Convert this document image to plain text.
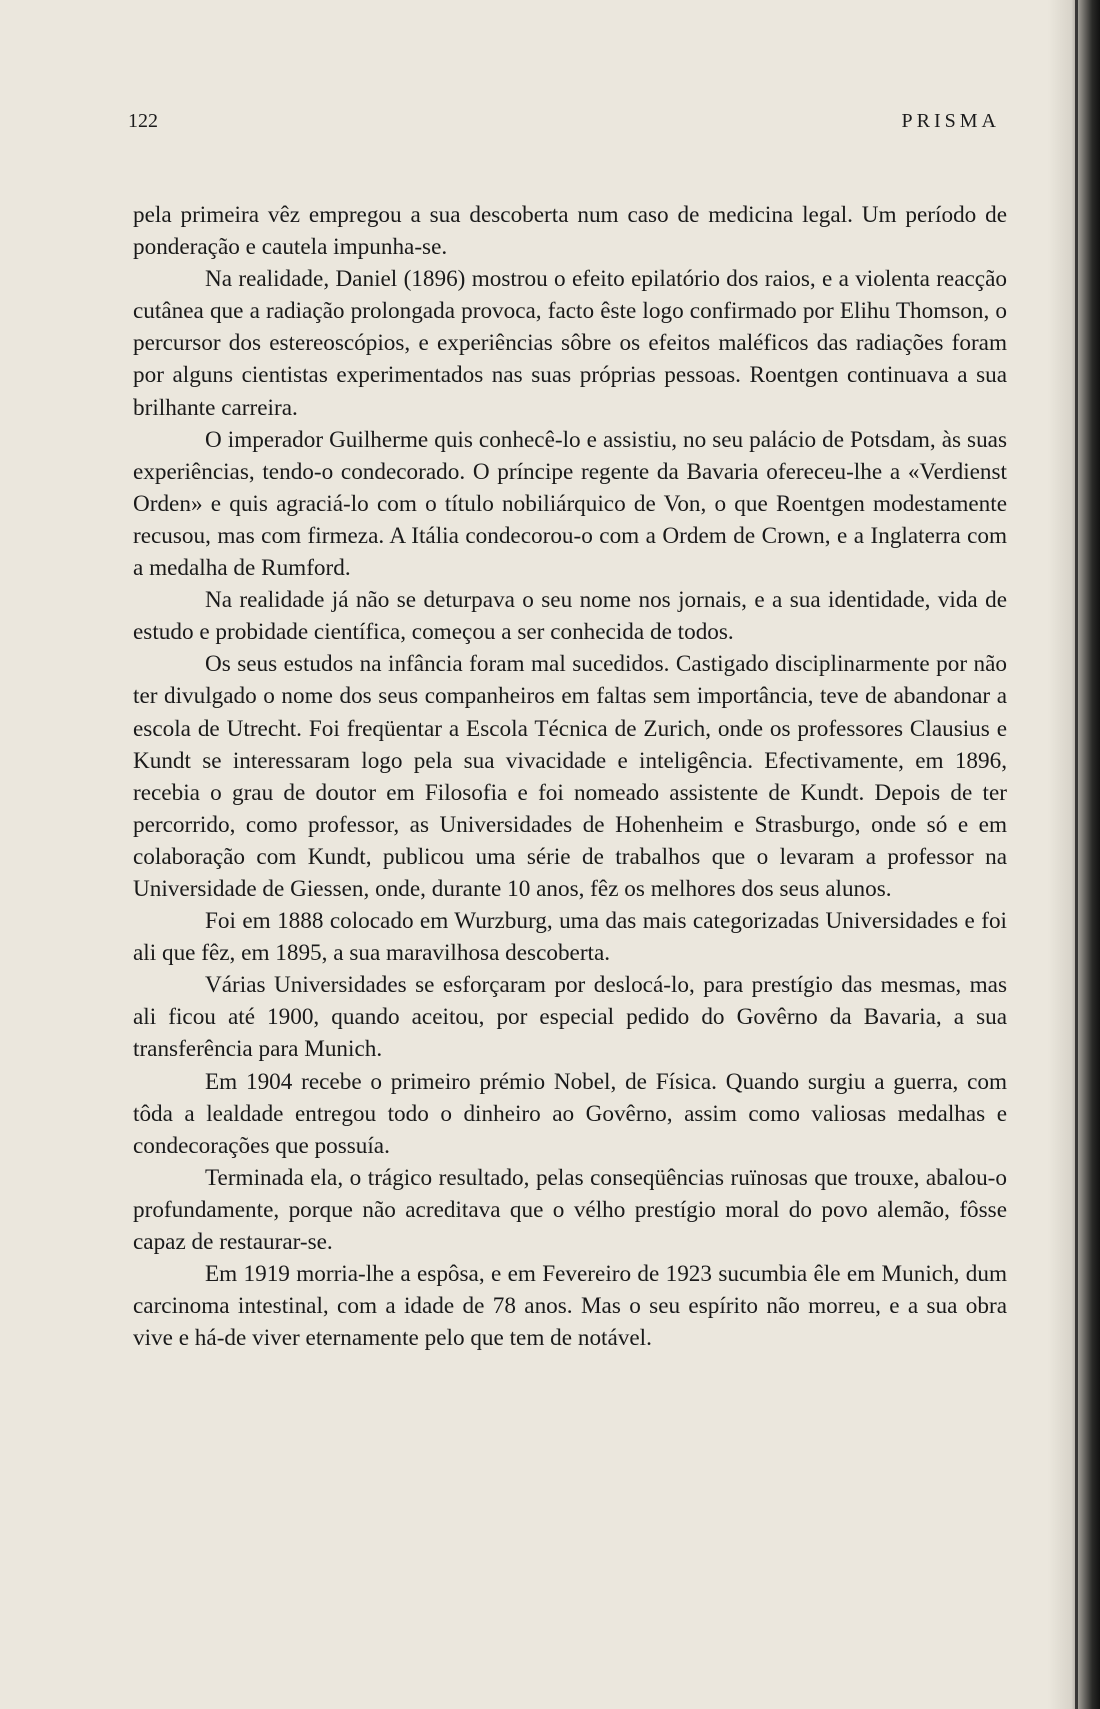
122	PRISMA

pela primeira vêz empregou a sua descoberta num caso de medicina legal. Um período de ponderação e cautela impunha-se.

Na realidade, Daniel (1896) mostrou o efeito epilatório dos raios, e a violenta reacção cutânea que a radiação prolongada provoca, facto êste logo confirmado por Elihu Thomson, o percursor dos estereoscópios, e experiências sôbre os efeitos maléficos das radiações foram por alguns cientistas experimentados nas suas próprias pessoas. Roentgen continuava a sua brilhante carreira.

O imperador Guilherme quis conhecê-lo e assistiu, no seu palácio de Potsdam, às suas experiências, tendo-o condecorado. O príncipe regente da Bavaria ofereceu-lhe a «Verdienst Orden» e quis agraciá-lo com o título nobiliárquico de Von, o que Roentgen modestamente recusou, mas com firmeza. A Itália condecorou-o com a Ordem de Crown, e a Inglaterra com a medalha de Rumford.

Na realidade já não se deturpava o seu nome nos jornais, e a sua identidade, vida de estudo e probidade científica, começou a ser conhecida de todos.

Os seus estudos na infância foram mal sucedidos. Castigado disciplinarmente por não ter divulgado o nome dos seus companheiros em faltas sem importância, teve de abandonar a escola de Utrecht. Foi freqüentar a Escola Técnica de Zurich, onde os professores Clausius e Kundt se interessaram logo pela sua vivacidade e inteligência. Efectivamente, em 1896, recebia o grau de doutor em Filosofia e foi nomeado assistente de Kundt. Depois de ter percorrido, como professor, as Universidades de Hohenheim e Strasburgo, onde só e em colaboração com Kundt, publicou uma série de trabalhos que o levaram a professor na Universidade de Giessen, onde, durante 10 anos, fêz os melhores dos seus alunos.

Foi em 1888 colocado em Wurzburg, uma das mais categorizadas Universidades e foi ali que fêz, em 1895, a sua maravilhosa descoberta.

Várias Universidades se esforçaram por deslocá-lo, para prestígio das mesmas, mas ali ficou até 1900, quando aceitou, por especial pedido do Govêrno da Bavaria, a sua transferência para Munich.

Em 1904 recebe o primeiro prémio Nobel, de Física. Quando surgiu a guerra, com tôda a lealdade entregou todo o dinheiro ao Govêrno, assim como valiosas medalhas e condecorações que possuía.

Terminada ela, o trágico resultado, pelas conseqüências ruïnosas que trouxe, abalou-o profundamente, porque não acreditava que o vélho prestígio moral do povo alemão, fôsse capaz de restaurar-se.

Em 1919 morria-lhe a espôsa, e em Fevereiro de 1923 sucumbia êle em Munich, dum carcinoma intestinal, com a idade de 78 anos. Mas o seu espírito não morreu, e a sua obra vive e há-de viver eternamente pelo que tem de notável.
